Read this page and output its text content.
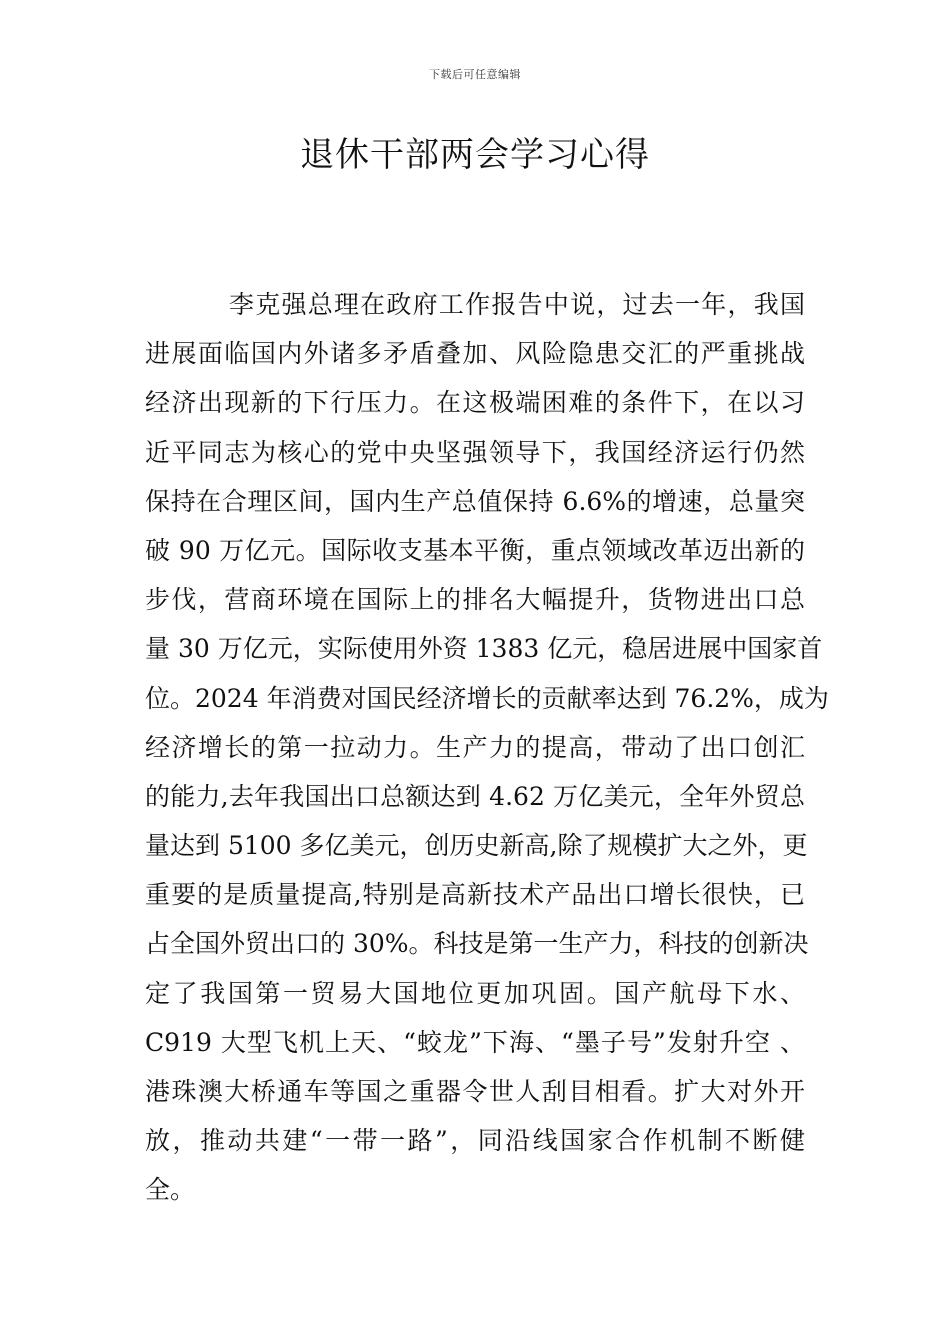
下载后可任意编辑
退休干部两会学习心得
李克强总理在政府工作报告中说，过去一年，我国
进展面临国内外诸多矛盾叠加、风险隐患交汇的严重挑战
经济出现新的下行压力。在这极端困难的条件下，在以习
近平同志为核心的党中央坚强领导下，我国经济运行仍然
保持在合理区间，国内生产总值保持 6.6%的增速，总量突
破 90 万亿元。国际收支基本平衡，重点领域改革迈出新的
步伐，营商环境在国际上的排名大幅提升，货物进出口总
量 30 万亿元，实际使用外资 1383 亿元，稳居进展中国家首
位。2024 年消费对国民经济增长的贡献率达到 76.2%，成为
经济增长的第一拉动力。生产力的提高，带动了出口创汇
的能力,去年我国出口总额达到 4.62 万亿美元，全年外贸总
量达到 5100 多亿美元，创历史新高,除了规模扩大之外，更
重要的是质量提高,特别是高新技术产品出口增长很快，已
占全国外贸出口的 30%。科技是第一生产力，科技的创新决
定了我国第一贸易大国地位更加巩固。国产航母下水、
C919 大型飞机上天、“蛟龙”下海、“墨子号”发射升空 、
港珠澳大桥通车等国之重器令世人刮目相看。扩大对外开
放，推动共建“一带一路”，同沿线国家合作机制不断健
全。
